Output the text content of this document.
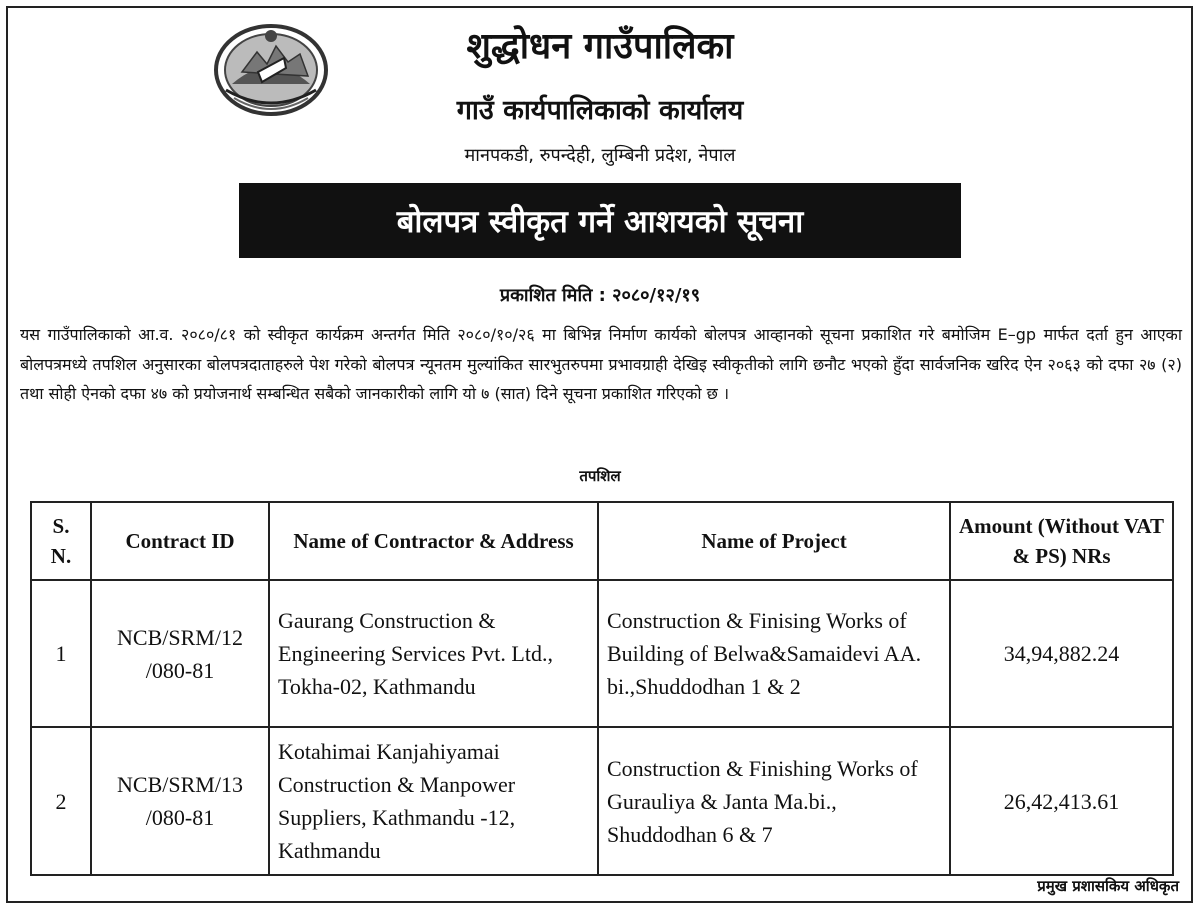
शुद्धोधन गाउँपालिका
गाउँ कार्यपालिकाको कार्यालय
मानपकडी, रुपन्देही, लुम्बिनी प्रदेश, नेपाल
बोलपत्र स्वीकृत गर्ने आशयको सूचना
प्रकाशित मिति : २०८०/१२/१९
यस गाउँपालिकाको आ.व. २०८०/८१ को स्वीकृत कार्यक्रम अन्तर्गत मिति २०८०/१०/२६ मा बिभिन्न निर्माण कार्यको बोलपत्र आव्हानको सूचना प्रकाशित गरे बमोजिम E–gp मार्फत दर्ता हुन आएका बोलपत्रमध्ये तपशिल अनुसारका बोलपत्रदाताहरुले पेश गरेको बोलपत्र न्यूनतम मुल्यांकित सारभुतरुपमा प्रभावग्राही देखिइ स्वीकृतीको लागि छनौट भएको हुँदा सार्वजनिक खरिद ऐन २०६३ को दफा २७ (२) तथा सोही ऐनको दफा ४७ को प्रयोजनार्थ सम्बन्धित सबैको जानकारीको लागि यो ७ (सात) दिने सूचना प्रकाशित गरिएको छ ।
तपशिल
S. N.	Contract ID	Name of Contractor & Address	Name of Project	Amount (Without VAT & PS) NRs
1	NCB/SRM/12 /080-81	Gaurang Construction & Engineering Services Pvt. Ltd., Tokha-02, Kathmandu	Construction & Finising Works of Building of Belwa&Samaidevi AA. bi.,Shuddodhan 1 & 2	34,94,882.24
2	NCB/SRM/13 /080-81	Kotahimai Kanjahiyamai Construction & Manpower Suppliers, Kathmandu -12, Kathmandu	Construction & Finishing Works of Gurauliya & Janta Ma.bi., Shuddodhan 6 & 7	26,42,413.61
प्रमुख प्रशासकिय अधिकृत
